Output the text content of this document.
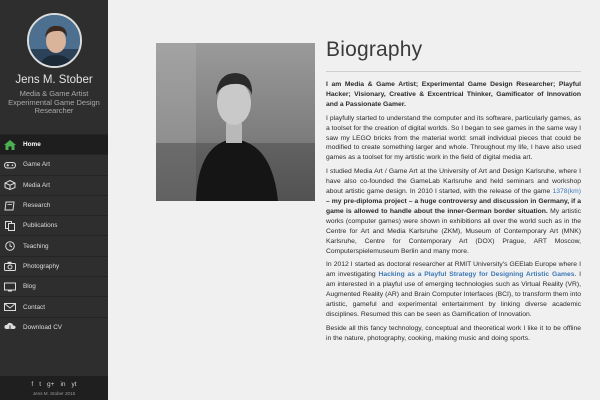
Jens M. Stober
Media & Game Artist Experimental Game Design Researcher
Home
Game Art
Media Art
Research
Publications
Teaching
Photography
Blog
Contact
Download CV
f t g+ in yt
Jens M. Stober 2015
Biography

I am Media & Game Artist; Experimental Game Design Researcher; Playful Hacker; Visionary, Creative & Excentrical Thinker, Gamificator of Innovation and a Passionate Gamer.

I playfully started to understand the computer and its software, particularly games, as a toolset for the creation of digital worlds. So I began to see games in the same way I saw my LEGO bricks from the material world: small individual pieces that could be modified to create something larger and whole. Throughout my life, I have also used games as a toolset for my artistic work in the field of digital media art.

I studied Media Art / Game Art at the University of Art and Design Karlsruhe, where I have also co-founded the GameLab Karlsruhe and held seminars and workshop about artistic game design. In 2010 I started, with the release of the game 1378(km) – my pre-diploma project – a huge controversy and discussion in Germany, if a game is allowed to handle about the inner-German border situation. My artistic works (computer games) were shown in exhibitions all over the world such as in the Centre for Art and Media Karlsruhe (ZKM), Museum of Contemporary Art (MNK) Karlsruhe, Centre for Contemporary Art (DOX) Prague, ART Moscow, Computerspielemuseum Berlin and many more.

In 2012 I started as doctoral researcher at RMIT University's GEElab Europe where I am investigating Hacking as a Playful Strategy for Designing Artistic Games. I am interested in a playful use of emerging technologies such as Virtual Reality (VR), Augmented Reality (AR) and Brain Computer Interfaces (BCI), to transform them into artistic, gameful and experimental entertainment by linking diverse academic disciplines. Resumed this can be seen as Gamification of Innovation.

Beside all this fancy technology, conceptual and theoretical work I like it to be offline in the nature, photography, cooking, making music and doing sports.
